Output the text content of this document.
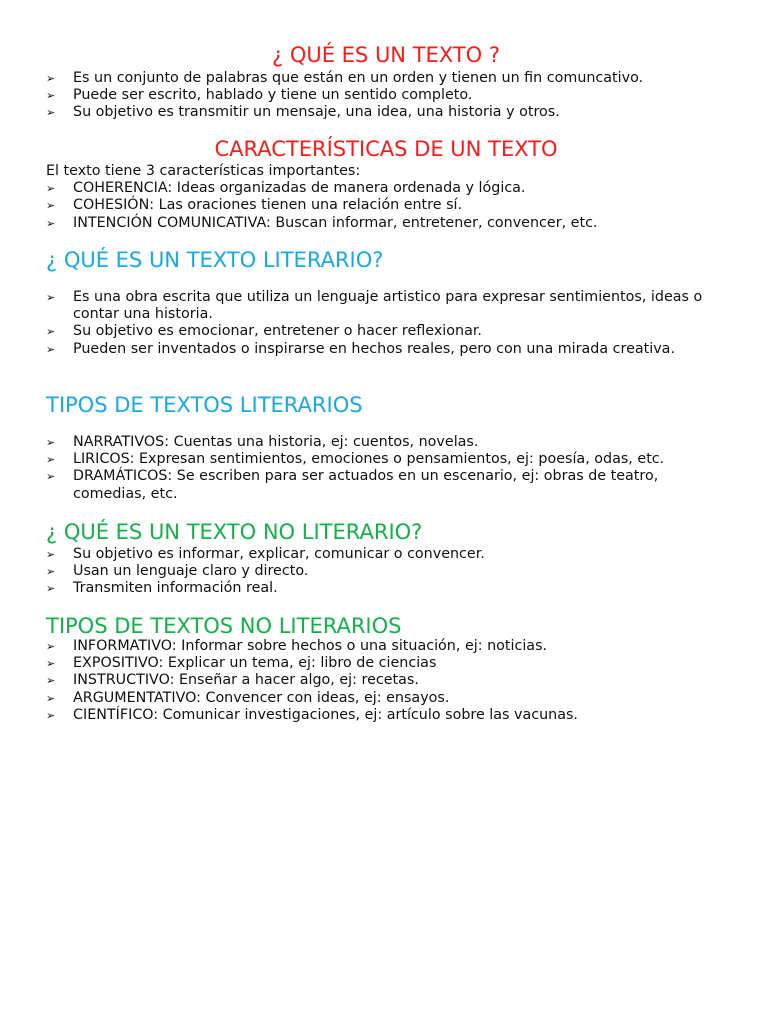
¿ QUÉ ES UN TEXTO ?
➢ Es un conjunto de palabras que están en un orden y tienen un fin comuncativo.
➢ Puede ser escrito, hablado y tiene un sentido completo.
➢ Su objetivo es transmitir un mensaje, una idea, una historia y otros.
CARACTERÍSTICAS DE UN TEXTO

El texto tiene 3 características importantes:

➢ COHERENCIA: Ideas organizadas de manera ordenada y lógica.
➢ COHESIÓN: Las oraciones tienen una relación entre sí.
➢ INTENCIÓN COMUNICATIVA: Buscan informar, entretener, convencer, etc.
¿ QUÉ ES UN TEXTO LITERARIO?
➢ Es una obra escrita que utiliza un lenguaje artistico para expresar sentimientos, ideas o contar una historia.
➢ Su objetivo es emocionar, entretener o hacer reflexionar.
➢ Pueden ser inventados o inspirarse en hechos reales, pero con una mirada creativa.
TIPOS DE TEXTOS LITERARIOS
➢ NARRATIVOS: Cuentas una historia, ej: cuentos, novelas.
➢ LIRICOS: Expresan sentimientos, emociones o pensamientos, ej: poesía, odas, etc.
➢ DRAMÁTICOS: Se escriben para ser actuados en un escenario, ej: obras de teatro, comedias, etc.
¿ QUÉ ES UN TEXTO NO LITERARIO?
➢ Su objetivo es informar, explicar, comunicar o convencer.
➢ Usan un lenguaje claro y directo.
➢ Transmiten información real.
TIPOS DE TEXTOS NO LITERARIOS
➢ INFORMATIVO: Informar sobre hechos o una situación, ej: noticias.
➢ EXPOSITIVO: Explicar un tema, ej: libro de ciencias
➢ INSTRUCTIVO: Enseñar a hacer algo, ej: recetas.
➢ ARGUMENTATIVO: Convencer con ideas, ej: ensayos.
➢ CIENTÍFICO: Comunicar investigaciones, ej: artículo sobre las vacunas.
